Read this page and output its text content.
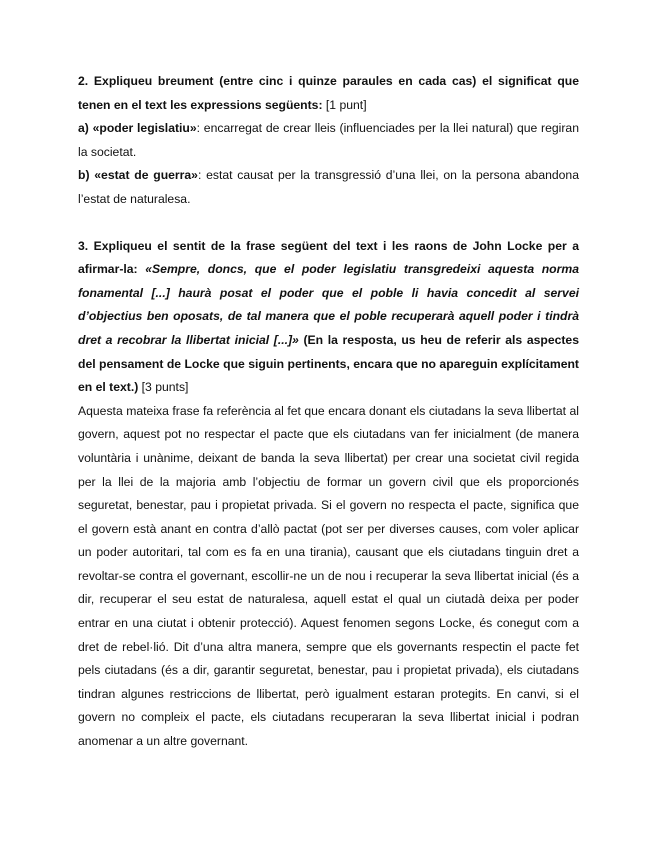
2. Expliqueu breument (entre cinc i quinze paraules en cada cas) el significat que tenen en el text les expressions següents: [1 punt]

a) «poder legislatiu»: encarregat de crear lleis (influenciades per la llei natural) que regiran la societat.

b) «estat de guerra»: estat causat per la transgressió d’una llei, on la persona abandona l’estat de naturalesa.

3. Expliqueu el sentit de la frase següent del text i les raons de John Locke per a afirmar-la: «Sempre, doncs, que el poder legislatiu transgredeixi aquesta norma fonamental [...] haurà posat el poder que el poble li havia concedit al servei d’objectius ben oposats, de tal manera que el poble recuperarà aquell poder i tindrà dret a recobrar la llibertat inicial [...]» (En la resposta, us heu de referir als aspectes del pensament de Locke que siguin pertinents, encara que no apareguin explícitament en el text.) [3 punts]

Aquesta mateixa frase fa referència al fet que encara donant els ciutadans la seva llibertat al govern, aquest pot no respectar el pacte que els ciutadans van fer inicialment (de manera voluntària i unànime, deixant de banda la seva llibertat) per crear una societat civil regida per la llei de la majoria amb l’objectiu de formar un govern civil que els proporcionés seguretat, benestar, pau i propietat privada. Si el govern no respecta el pacte, significa que el govern està anant en contra d’allò pactat (pot ser per diverses causes, com voler aplicar un poder autoritari, tal com es fa en una tirania), causant que els ciutadans tinguin dret a revoltar-se contra el governant, escollir-ne un de nou i recuperar la seva llibertat inicial (és a dir, recuperar el seu estat de naturalesa, aquell estat el qual un ciutadà deixa per poder entrar en una ciutat i obtenir protecció). Aquest fenomen segons Locke, és conegut com a dret de rebel·lió. Dit d’una altra manera, sempre que els governants respectin el pacte fet pels ciutadans (és a dir, garantir seguretat, benestar, pau i propietat privada), els ciutadans tindran algunes restriccions de llibertat, però igualment estaran protegits. En canvi, si el govern no compleix el pacte, els ciutadans recuperaran la seva llibertat inicial i podran anomenar a un altre governant.
